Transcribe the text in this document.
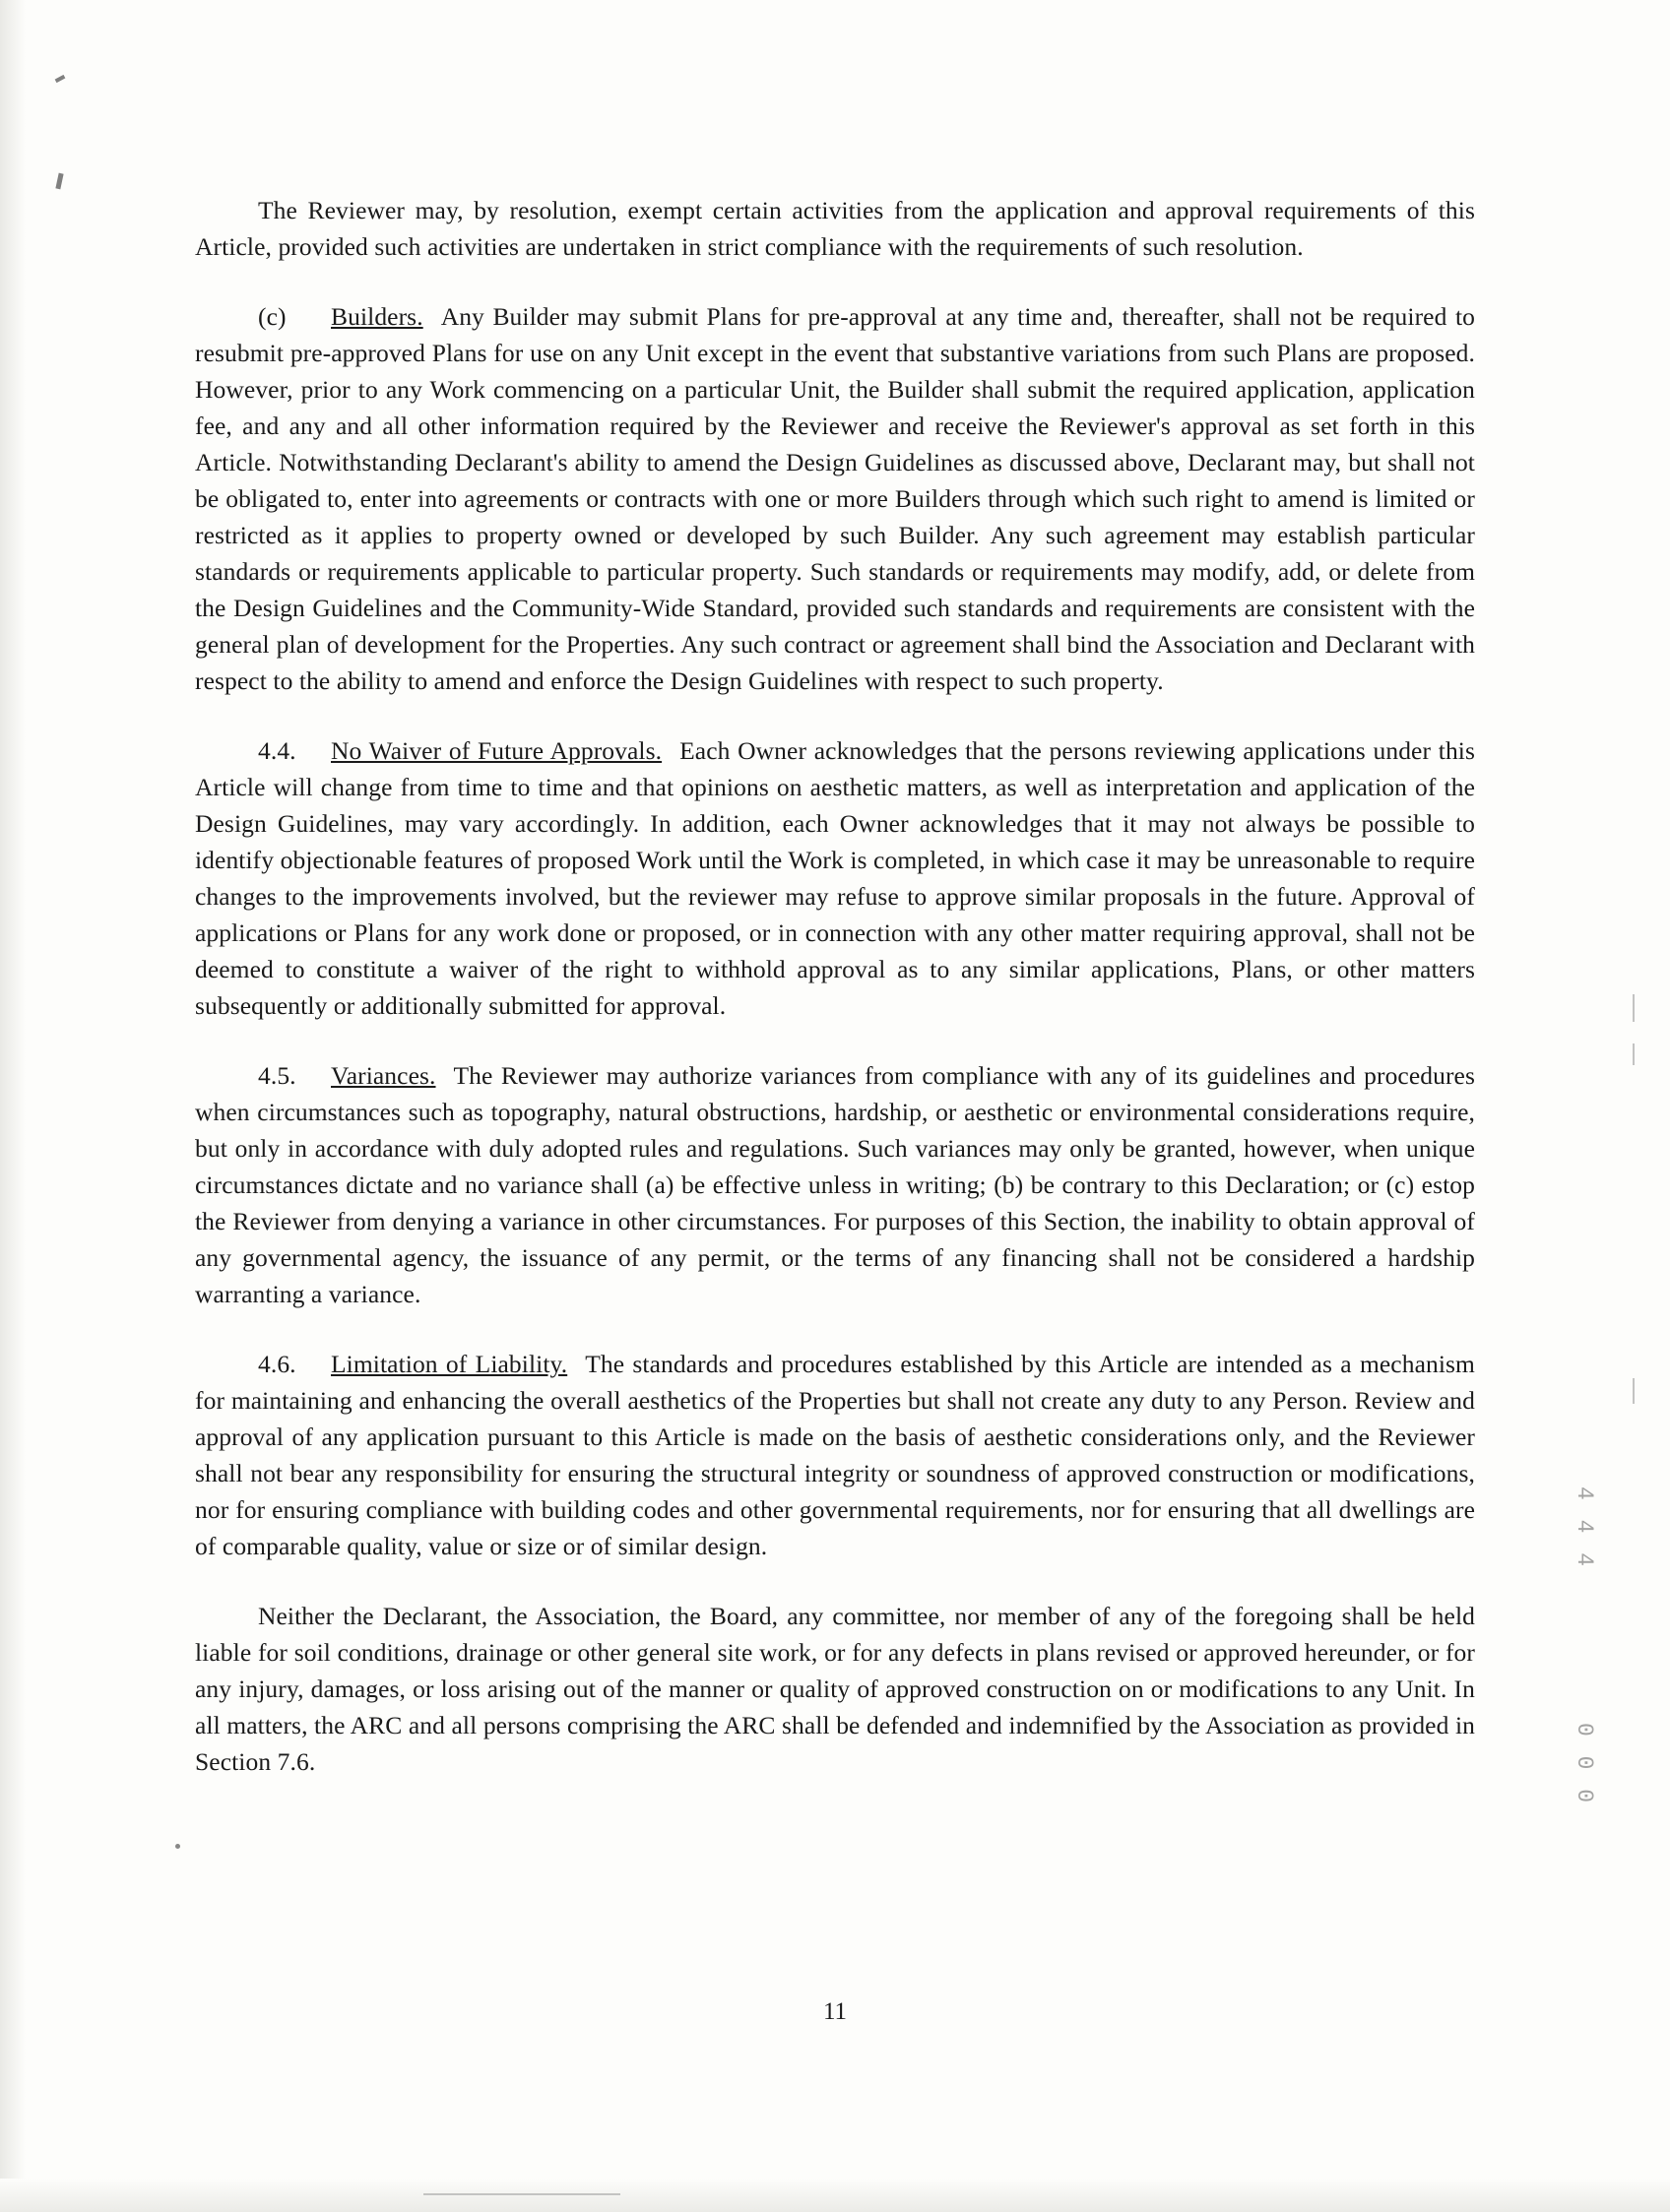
4 4 4
0 0 0

The Reviewer may, by resolution, exempt certain activities from the application and approval requirements of this Article, provided such activities are undertaken in strict compliance with the requirements of such resolution.

(c) Builders. Any Builder may submit Plans for pre-approval at any time and, thereafter, shall not be required to resubmit pre-approved Plans for use on any Unit except in the event that substantive variations from such Plans are proposed. However, prior to any Work commencing on a particular Unit, the Builder shall submit the required application, application fee, and any and all other information required by the Reviewer and receive the Reviewer's approval as set forth in this Article. Notwithstanding Declarant's ability to amend the Design Guidelines as discussed above, Declarant may, but shall not be obligated to, enter into agreements or contracts with one or more Builders through which such right to amend is limited or restricted as it applies to property owned or developed by such Builder. Any such agreement may establish particular standards or requirements applicable to particular property. Such standards or requirements may modify, add, or delete from the Design Guidelines and the Community-Wide Standard, provided such standards and requirements are consistent with the general plan of development for the Properties. Any such contract or agreement shall bind the Association and Declarant with respect to the ability to amend and enforce the Design Guidelines with respect to such property.

4.4. No Waiver of Future Approvals. Each Owner acknowledges that the persons reviewing applications under this Article will change from time to time and that opinions on aesthetic matters, as well as interpretation and application of the Design Guidelines, may vary accordingly. In addition, each Owner acknowledges that it may not always be possible to identify objectionable features of proposed Work until the Work is completed, in which case it may be unreasonable to require changes to the improvements involved, but the reviewer may refuse to approve similar proposals in the future. Approval of applications or Plans for any work done or proposed, or in connection with any other matter requiring approval, shall not be deemed to constitute a waiver of the right to withhold approval as to any similar applications, Plans, or other matters subsequently or additionally submitted for approval.

4.5. Variances. The Reviewer may authorize variances from compliance with any of its guidelines and procedures when circumstances such as topography, natural obstructions, hardship, or aesthetic or environmental considerations require, but only in accordance with duly adopted rules and regulations. Such variances may only be granted, however, when unique circumstances dictate and no variance shall (a) be effective unless in writing; (b) be contrary to this Declaration; or (c) estop the Reviewer from denying a variance in other circumstances. For purposes of this Section, the inability to obtain approval of any governmental agency, the issuance of any permit, or the terms of any financing shall not be considered a hardship warranting a variance.

4.6. Limitation of Liability. The standards and procedures established by this Article are intended as a mechanism for maintaining and enhancing the overall aesthetics of the Properties but shall not create any duty to any Person. Review and approval of any application pursuant to this Article is made on the basis of aesthetic considerations only, and the Reviewer shall not bear any responsibility for ensuring the structural integrity or soundness of approved construction or modifications, nor for ensuring compliance with building codes and other governmental requirements, nor for ensuring that all dwellings are of comparable quality, value or size or of similar design.

Neither the Declarant, the Association, the Board, any committee, nor member of any of the foregoing shall be held liable for soil conditions, drainage or other general site work, or for any defects in plans revised or approved hereunder, or for any injury, damages, or loss arising out of the manner or quality of approved construction on or modifications to any Unit. In all matters, the ARC and all persons comprising the ARC shall be defended and indemnified by the Association as provided in Section 7.6.

11
